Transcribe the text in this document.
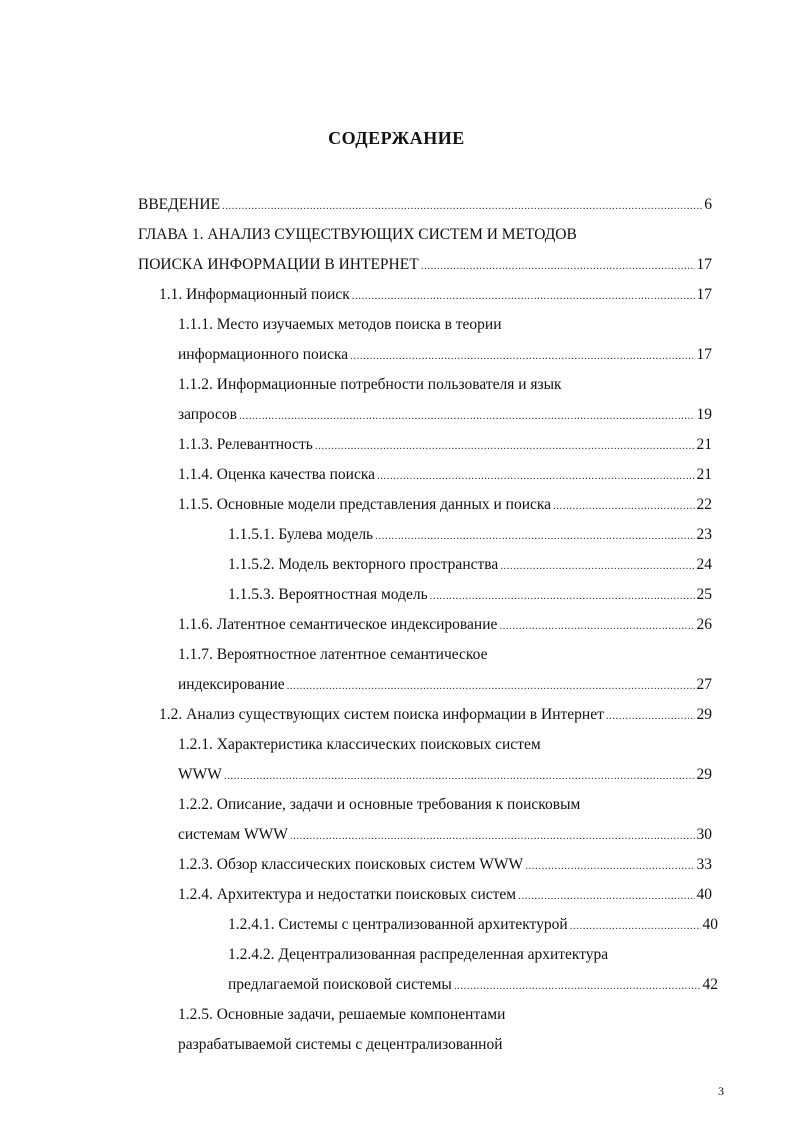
СОДЕРЖАНИЕ
ВВЕДЕНИЕ .....	6
ГЛАВА 1. АНАЛИЗ СУЩЕСТВУЮЩИХ СИСТЕМ И МЕТОДОВ
ПОИСКА ИНФОРМАЦИИ В ИНТЕРНЕТ .....	17
1.1. Информационный поиск .....	17
1.1.1. Место изучаемых методов поиска в теории
информационного поиска .....	17
1.1.2. Информационные потребности пользователя и язык
запросов .....	19
1.1.3. Релевантность .....	21
1.1.4. Оценка качества поиска .....	21
1.1.5. Основные модели представления данных и поиска .....	22
1.1.5.1. Булева модель .....	23
1.1.5.2. Модель векторного пространства .....	24
1.1.5.3. Вероятностная модель .....	25
1.1.6. Латентное семантическое индексирование .....	26
1.1.7. Вероятностное латентное семантическое
индексирование .....	27
1.2. Анализ существующих систем поиска информации в Интернет .....	29
1.2.1. Характеристика классических поисковых систем
WWW .....	29
1.2.2. Описание, задачи и основные требования к поисковым
системам WWW .....	30
1.2.3. Обзор классических поисковых систем WWW .....	33
1.2.4. Архитектура и недостатки поисковых систем .....	40
1.2.4.1. Системы с централизованной архитектурой .....	40
1.2.4.2. Децентрализованная распределенная архитектура
предлагаемой поисковой системы .....	42
1.2.5. Основные задачи, решаемые компонентами
разрабатываемой системы с децентрализованной
3
